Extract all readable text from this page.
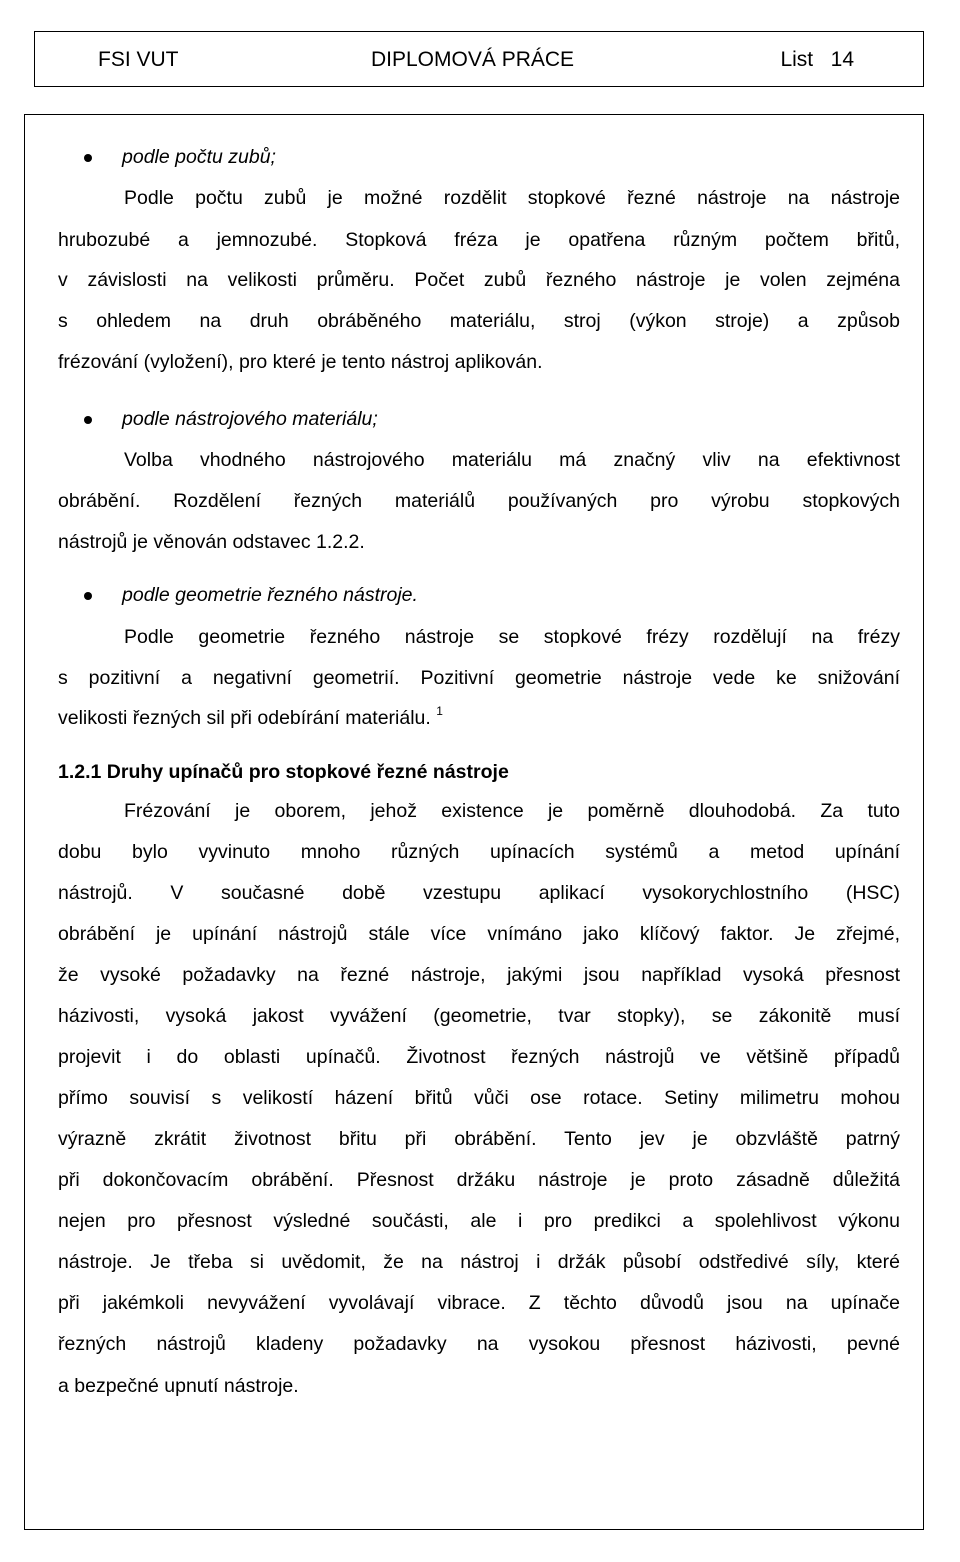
FSI VUT	DIPLOMOVÁ PRÁCE	List   14
podle počtu zubů;
Podle počtu zubů je možné rozdělit stopkové řezné nástroje na nástroje
hrubozubé a jemnozubé. Stopková fréza je opatřena různým počtem břitů,
v závislosti na velikosti průměru. Počet zubů řezného nástroje je volen zejména
s ohledem na druh obráběného materiálu, stroj (výkon stroje) a způsob
frézování (vyložení), pro které je tento nástroj aplikován.
podle nástrojového materiálu;
Volba vhodného nástrojového materiálu má značný vliv na efektivnost
obrábění. Rozdělení řezných materiálů používaných pro výrobu stopkových
nástrojů je věnován odstavec 1.2.2.
podle geometrie řezného nástroje.
Podle geometrie řezného nástroje se stopkové frézy rozdělují na frézy
s pozitivní a negativní geometrií. Pozitivní geometrie nástroje vede ke snižování
velikosti řezných sil při odebírání materiálu. $^1$
1.2.1 Druhy upínačů pro stopkové řezné nástroje
Frézování je oborem, jehož existence je poměrně dlouhodobá. Za tuto
dobu bylo vyvinuto mnoho různých upínacích systémů a metod upínání
nástrojů. V současné době vzestupu aplikací vysokorychlostního (HSC)
obrábění je upínání nástrojů stále více vnímáno jako klíčový faktor. Je zřejmé,
že vysoké požadavky na řezné nástroje, jakými jsou například vysoká přesnost
házivosti, vysoká jakost vyvážení (geometrie, tvar stopky), se zákonitě musí
projevit i do oblasti upínačů. Životnost řezných nástrojů ve většině případů
přímo souvisí s velikostí házení břitů vůči ose rotace. Setiny milimetru mohou
výrazně zkrátit životnost břitu při obrábění. Tento jev je obzvláště patrný
při dokončovacím obrábění. Přesnost držáku nástroje je proto zásadně důležitá
nejen pro přesnost výsledné součásti, ale i pro predikci a spolehlivost výkonu
nástroje. Je třeba si uvědomit, že na nástroj i držák působí odstředivé síly, které
při jakémkoli nevyvážení vyvolávají vibrace. Z těchto důvodů jsou na upínače
řezných nástrojů kladeny požadavky na vysokou přesnost házivosti, pevné
a bezpečné upnutí nástroje.
